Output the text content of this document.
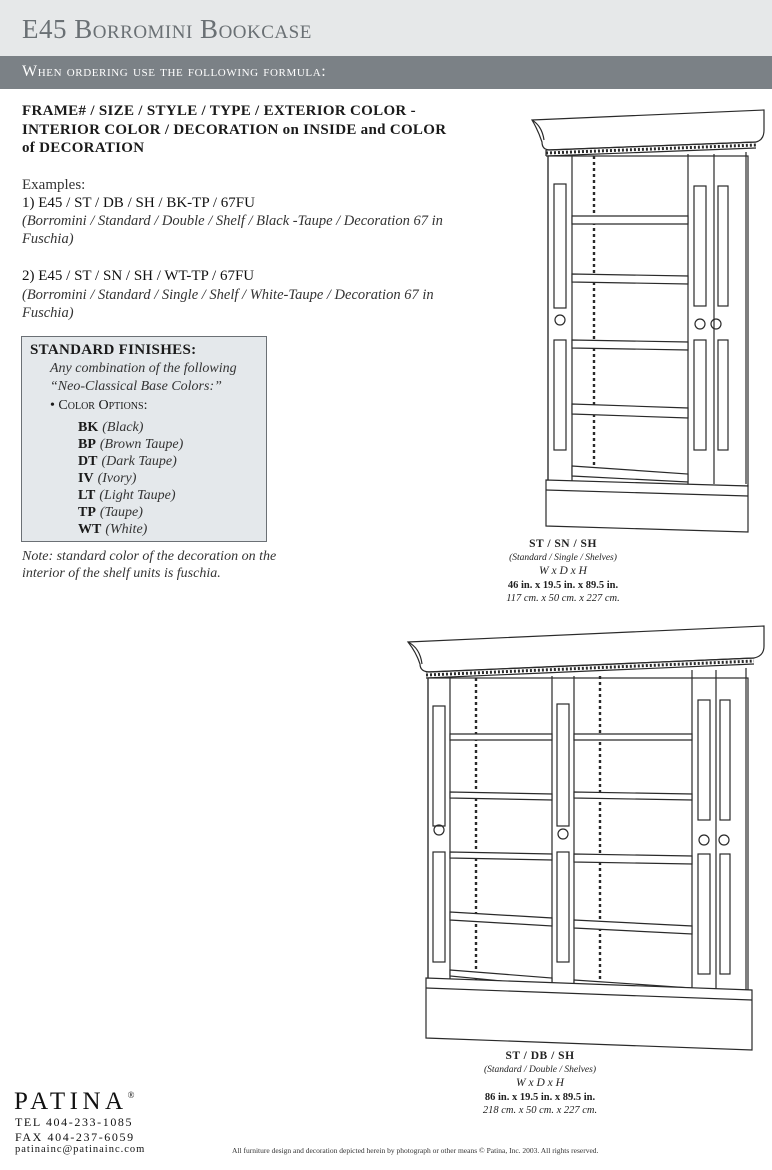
E45 Borromini Bookcase
When ordering use the following formula:
FRAME# / SIZE / STYLE / TYPE / EXTERIOR COLOR - INTERIOR COLOR / DECORATION on INSIDE and COLOR of DECORATION
Examples:
1) E45 / ST / DB / SH / BK-TP / 67FU
(Borromini / Standard / Double / Shelf / Black -Taupe / Decoration 67 in Fuschia)
2) E45 / ST / SN / SH / WT-TP / 67FU
(Borromini / Standard / Single / Shelf / White-Taupe / Decoration 67 in Fuschia)
STANDARD FINISHES:
Any combination of the following
“Neo-Classical Base Colors:”
• Color Options:
BK (Black)
BP (Brown Taupe)
DT (Dark Taupe)
IV (Ivory)
LT (Light Taupe)
TP (Taupe)
WT (White)
Note: standard color of the decoration on the interior of the shelf units is fuschia.
ST / SN / SH
(Standard / Single / Shelves)
W x D x H
46 in. x 19.5 in. x 89.5 in.
117 cm. x 50 cm. x 227 cm.
ST / DB / SH
(Standard / Double / Shelves)
W x D x H
86 in. x 19.5 in. x 89.5 in.
218 cm. x 50 cm. x 227 cm.
PATINA®
TEL 404-233-1085
FAX 404-237-6059
patinainc@patinainc.com	All furniture design and decoration depicted herein by photograph or other means © Patina, Inc. 2003. All rights reserved.
